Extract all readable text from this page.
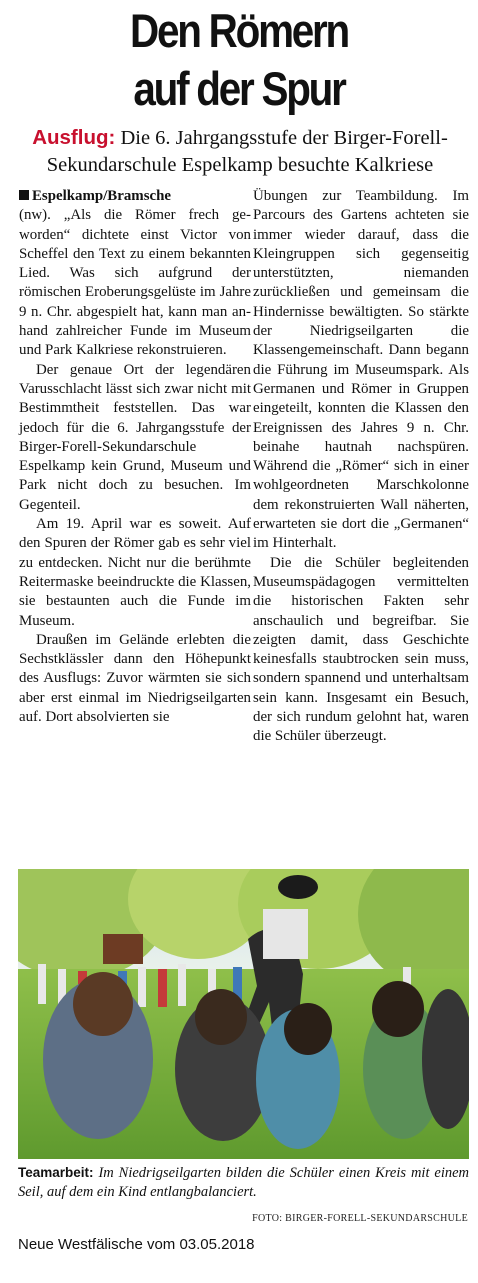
Den Römern
auf der Spur
Ausflug: Die 6. Jahrgangsstufe der Birger-Forell-Sekundarschule Espelkamp besuchte Kalkriese

Espelkamp/Bramsche

(nw). „Als die Römer frech geworden“ dichtete einst Victor von Scheffel den Text zu einem bekannten Lied. Was sich aufgrund der römischen Eroberungsgelüste im Jahre 9 n. Chr. abgespielt hat, kann man anhand zahlreicher Funde im Museum und Park Kalkriese rekonstruieren.

Der genaue Ort der legendären Varusschlacht lässt sich zwar nicht mit Bestimmtheit feststellen. Das war jedoch für die 6. Jahrgangsstufe der Birger-Forell-Sekundarschule Espelkamp kein Grund, Museum und Park nicht doch zu besuchen. Im Gegenteil.

Am 19. April war es soweit. Auf den Spuren der Römer gab es sehr viel zu entdecken. Nicht nur die berühmte Reitermaske beeindruckte die Klassen, sie bestaunten auch die Funde im Museum.

Draußen im Gelände erlebten die Sechstklässler dann den Höhepunkt des Ausflugs: Zuvor wärmten sie sich aber erst einmal im Niedrigseilgarten auf. Dort absolvierten sie

Übungen zur Teambildung. Im Parcours des Gartens achteten sie immer wieder darauf, dass die Kleingruppen sich gegenseitig unterstützten, niemanden zurückließen und gemeinsam die Hindernisse bewältigten. So stärkte der Niedrigseilgarten die Klassengemeinschaft. Dann begann die Führung im Museumspark. Als Germanen und Römer in Gruppen eingeteilt, konnten die Klassen den Ereignissen des Jahres 9 n. Chr. beinahe hautnah nachspüren. Während die „Römer“ sich in einer wohlgeordneten Marschkolonne dem rekonstruierten Wall näherten, erwarteten sie dort die „Germanen“ im Hinterhalt.

Die die Schüler begleitenden Museumspädagogen vermittelten die historischen Fakten sehr anschaulich und begreifbar. Sie zeigten damit, dass Geschichte keinesfalls staubtrocken sein muss, sondern spannend und unterhaltsam sein kann. Insgesamt ein Besuch, der sich rundum gelohnt hat, waren die Schüler überzeugt.

Teamarbeit: Im Niedrigseilgarten bilden die Schüler einen Kreis mit einem Seil, auf dem ein Kind entlangbalanciert.
FOTO: BIRGER-FORELL-SEKUNDARSCHULE
Neue Westfälische vom 03.05.2018
